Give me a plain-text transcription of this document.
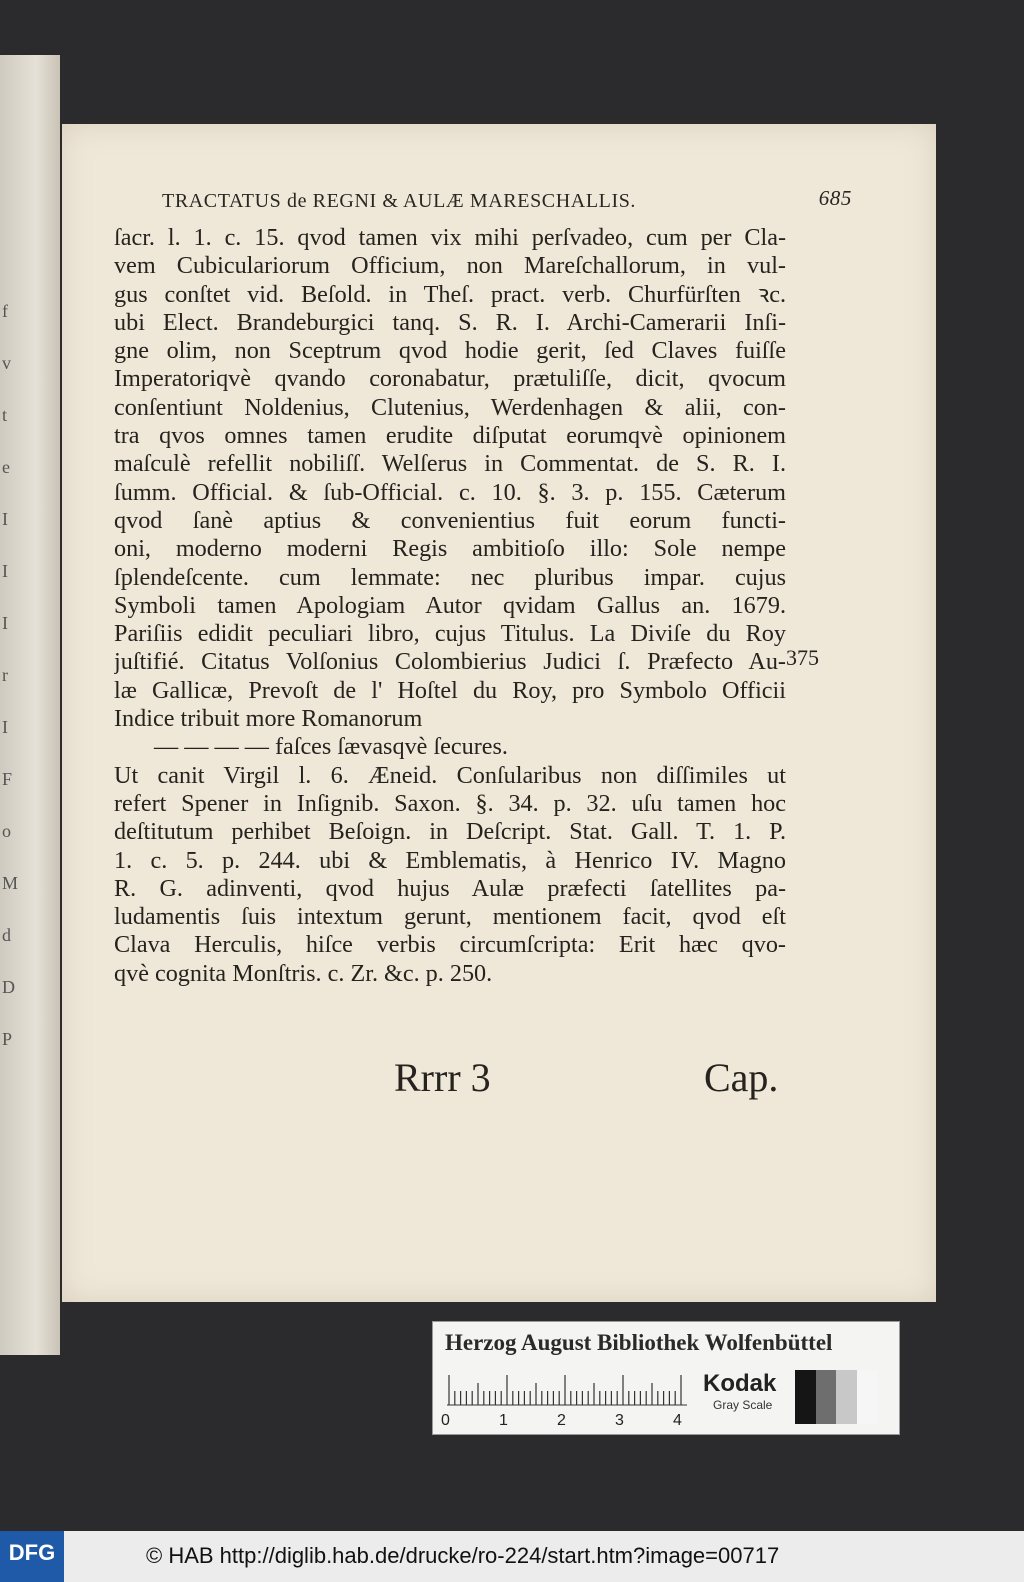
f
v
t
e
I
I
I
r
I
F
o
M
d
D
P
TRACTATUS de REGNI & AULÆ MARESCHALLIS.	685
ſacr. l. 1. c. 15. qvod tamen vix mihi perſvadeo, cum per Cla-
vem Cubiculariorum Officium, non Mareſchallorum, in vul-
gus conſtet vid. Beſold. in Theſ. pract. verb. Churfürſten ꝛc.
ubi Elect. Brandeburgici tanq. S. R. I. Archi-Camerarii Inſi-
gne olim, non Sceptrum qvod hodie gerit, ſed Claves fuiſſe
Imperatoriqvè qvando coronabatur, prætuliſſe, dicit, qvocum
conſentiunt Noldenius, Clutenius, Werdenhagen & alii, con-
tra qvos omnes tamen erudite diſputat eorumqvè opinionem
maſculè refellit nobiliſſ. Welſerus in Commentat. de S. R. I.
ſumm. Official. & ſub-Official. c. 10. §. 3. p. 155. Cæterum
qvod ſanè aptius & convenientius fuit eorum functi-
oni, moderno moderni Regis ambitioſo illo: Sole nempe
ſplendeſcente. cum lemmate: nec pluribus impar. cujus
Symboli tamen Apologiam Autor qvidam Gallus an. 1679.
Pariſiis edidit peculiari libro, cujus Titulus. La Diviſe du Roy
juſtifié. Citatus Volſonius Colombierius Judici ſ. Præfecto Au-
læ Gallicæ, Prevoſt de l' Hoſtel du Roy, pro Symbolo Officii
Indice tribuit more Romanorum
— — — — faſces ſævasqvè ſecures.
Ut canit Virgil l. 6. Æneid. Conſularibus non diſſimiles ut
refert Spener in Inſignib. Saxon. §. 34. p. 32. uſu tamen hoc
deſtitutum perhibet Beſoign. in Deſcript. Stat. Gall. T. 1. P.
1. c. 5. p. 244. ubi & Emblematis, à Henrico IV. Magno
R. G. adinventi, qvod hujus Aulæ præfecti ſatellites pa-
ludamentis ſuis intextum gerunt, mentionem facit, qvod eſt
Clava Herculis, hiſce verbis circumſcripta: Erit hæc qvo-
qvè cognita Monſtris. c. Zr. &c. p. 250.
375
Rrrr 3	Cap.
Herzog August Bibliothek Wolfenbüttel
0	1	2	3	4
Kodak
Gray Scale
DFG	© HAB http://diglib.hab.de/drucke/ro-224/start.htm?image=00717
